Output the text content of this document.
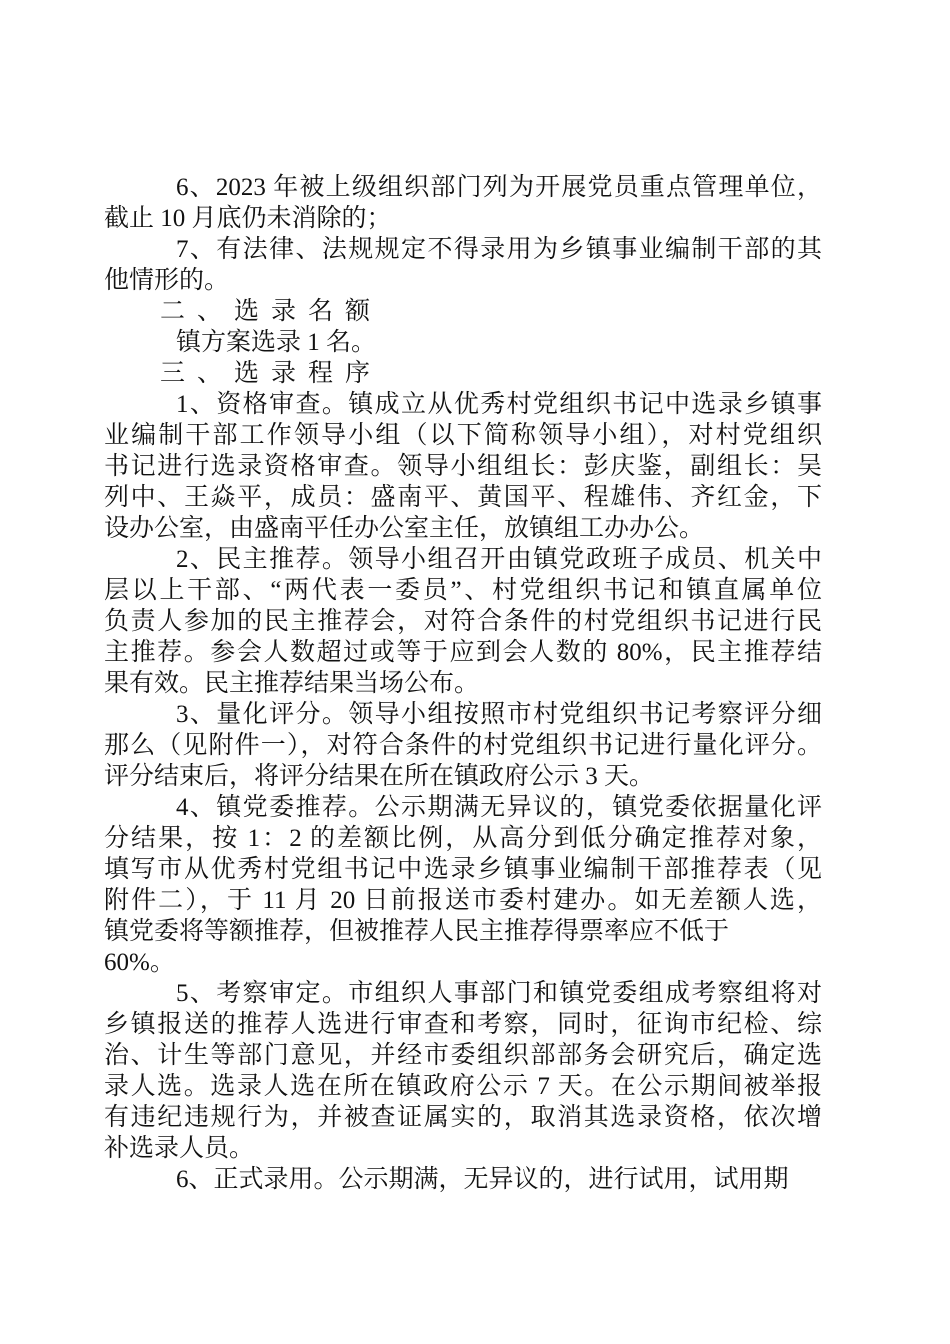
6、2023 年被上级组织部门列为开展党员重点管理单位，
截止 10 月底仍未消除的；
7、有法律、法规规定不得录用为乡镇事业编制干部的其
他情形的。
二、选录名额
镇方案选录 1 名。
三、选录程序
1、资格审查。镇成立从优秀村党组织书记中选录乡镇事
业编制干部工作领导小组（以下简称领导小组），对村党组织
书记进行选录资格审查。领导小组组长：彭庆鉴，副组长：吴
列中、王焱平，成员：盛南平、黄国平、程雄伟、齐红金，下
设办公室，由盛南平任办公室主任，放镇组工办办公。
2、民主推荐。领导小组召开由镇党政班子成员、机关中
层以上干部、“两代表一委员”、村党组织书记和镇直属单位
负责人参加的民主推荐会，对符合条件的村党组织书记进行民
主推荐。参会人数超过或等于应到会人数的 80%，民主推荐结
果有效。民主推荐结果当场公布。
3、量化评分。领导小组按照市村党组织书记考察评分细
那么（见附件一），对符合条件的村党组织书记进行量化评分。
评分结束后，将评分结果在所在镇政府公示 3 天。
4、镇党委推荐。公示期满无异议的，镇党委依据量化评
分结果，按 1：2 的差额比例，从高分到低分确定推荐对象，
填写市从优秀村党组书记中选录乡镇事业编制干部推荐表（见
附件二），于 11 月 20 日前报送市委村建办。如无差额人选，
镇党委将等额推荐，但被推荐人民主推荐得票率应不低于
60%。
5、考察审定。市组织人事部门和镇党委组成考察组将对
乡镇报送的推荐人选进行审查和考察，同时，征询市纪检、综
治、计生等部门意见，并经市委组织部部务会研究后，确定选
录人选。选录人选在所在镇政府公示 7 天。在公示期间被举报
有违纪违规行为，并被查证属实的，取消其选录资格，依次增
补选录人员。
6、正式录用。公示期满，无异议的，进行试用，试用期
